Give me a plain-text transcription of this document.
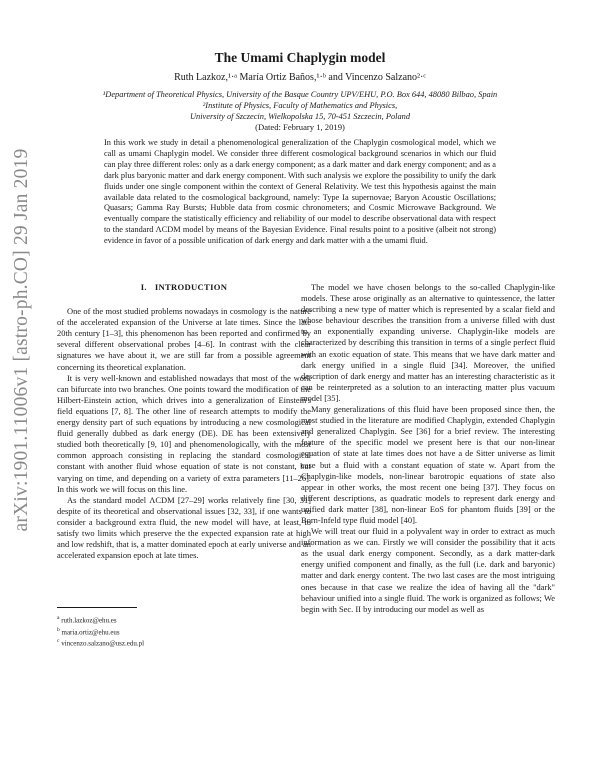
arXiv:1901.11006v1 [astro-ph.CO] 29 Jan 2019
The Umami Chaplygin model
Ruth Lazkoz,¹·ᵃ María Ortiz Baños,¹·ᵇ and Vincenzo Salzano²·ᶜ
¹Department of Theoretical Physics, University of the Basque Country UPV/EHU, P.O. Box 644, 48080 Bilbao, Spain
²Institute of Physics, Faculty of Mathematics and Physics,
University of Szczecin, Wielkopolska 15, 70-451 Szczecin, Poland
(Dated: February 1, 2019)
In this work we study in detail a phenomenological generalization of the Chaplygin cosmological model, which we call as umami Chaplygin model. We consider three different cosmological background scenarios in which our fluid can play three different roles: only as a dark energy component; as a dark matter and dark energy component; and as a dark plus baryonic matter and dark energy component. With such analysis we explore the possibility to unify the dark fluids under one single component within the context of General Relativity. We test this hypothesis against the main available data related to the cosmological background, namely: Type Ia supernovae; Baryon Acoustic Oscillations; Quasars; Gamma Ray Bursts; Hubble data from cosmic chronometers; and Cosmic Microwave Background. We eventually compare the statistically efficiency and reliability of our model to describe observational data with respect to the standard ΛCDM model by means of the Bayesian Evidence. Final results point to a positive (albeit not strong) evidence in favor of a possible unification of dark energy and dark matter with a the umami fluid.
I. INTRODUCTION

One of the most studied problems nowadays in cosmology is the nature of the accelerated expansion of the Universe at late times. Since the late 20th century [1–3], this phenomenon has been reported and confirmed by several different observational probes [4–6]. In contrast with the clear signatures we have about it, we are still far from a possible agreement concerning its theoretical explanation.

It is very well-known and established nowadays that most of the work can bifurcate into two branches. One points toward the modification of the Hilbert-Einstein action, which drives into a generalization of Einstein's field equations [7, 8]. The other line of research attempts to modify the energy density part of such equations by introducing a new cosmological fluid generally dubbed as dark energy (DE). DE has been extensively studied both theoretically [9, 10] and phenomenologically, with the most common approach consisting in replacing the standard cosmological constant with another fluid whose equation of state is not constant, but varying on time, and depending on a variety of extra parameters [11–26]. In this work we will focus on this line.

As the standard model ΛCDM [27–29] works relatively fine [30, 31] despite of its theoretical and observational issues [32, 33], if one wants to consider a background extra fluid, the new model will have, at least, to satisfy two limits which preserve the the expected expansion rate at high and low redshift, that is, a matter dominated epoch at early universe and an accelerated expansion epoch at late times.

$^a$ ruth.lazkoz@ehu.es

$^b$ maria.ortiz@ehu.eus

$^c$ vincenzo.salzano@usz.edu.pl

The model we have chosen belongs to the so-called Chaplygin-like models. These arose originally as an alternative to quintessence, the latter describing a new type of matter which is represented by a scalar field and whose behaviour describes the transition from a universe filled with dust to an exponentially expanding universe. Chaplygin-like models are characterized by describing this transition in terms of a single perfect fluid with an exotic equation of state. This means that we have dark matter and dark energy unified in a single fluid [34]. Moreover, the unified description of dark energy and matter has an interesting characteristic as it can be reinterpreted as a solution to an interacting matter plus vacuum model [35].

Many generalizations of this fluid have been proposed since then, the most studied in the literature are modified Chaplygin, extended Chaplygin and generalized Chaplygin. See [36] for a brief review. The interesting feature of the specific model we present here is that our non-linear equation of state at late times does not have a de Sitter universe as limit case but a fluid with a constant equation of state w. Apart from the Chaplygin-like models, non-linear barotropic equations of state also appear in other works, the most recent one being [37]. They focus on different descriptions, as quadratic models to represent dark energy and unified dark matter [38], non-linear EoS for phantom fluids [39] or the Born-Infeld type fluid model [40].

We will treat our fluid in a polyvalent way in order to extract as much information as we can. Firstly we will consider the possibility that it acts as the usual dark energy component. Secondly, as a dark matter-dark energy unified component and finally, as the full (i.e. dark and baryonic) matter and dark energy content. The two last cases are the most intriguing ones because in that case we realize the idea of having all the "dark" behaviour unified into a single fluid. The work is organized as follows; We begin with Sec. II by introducing our model as well as
